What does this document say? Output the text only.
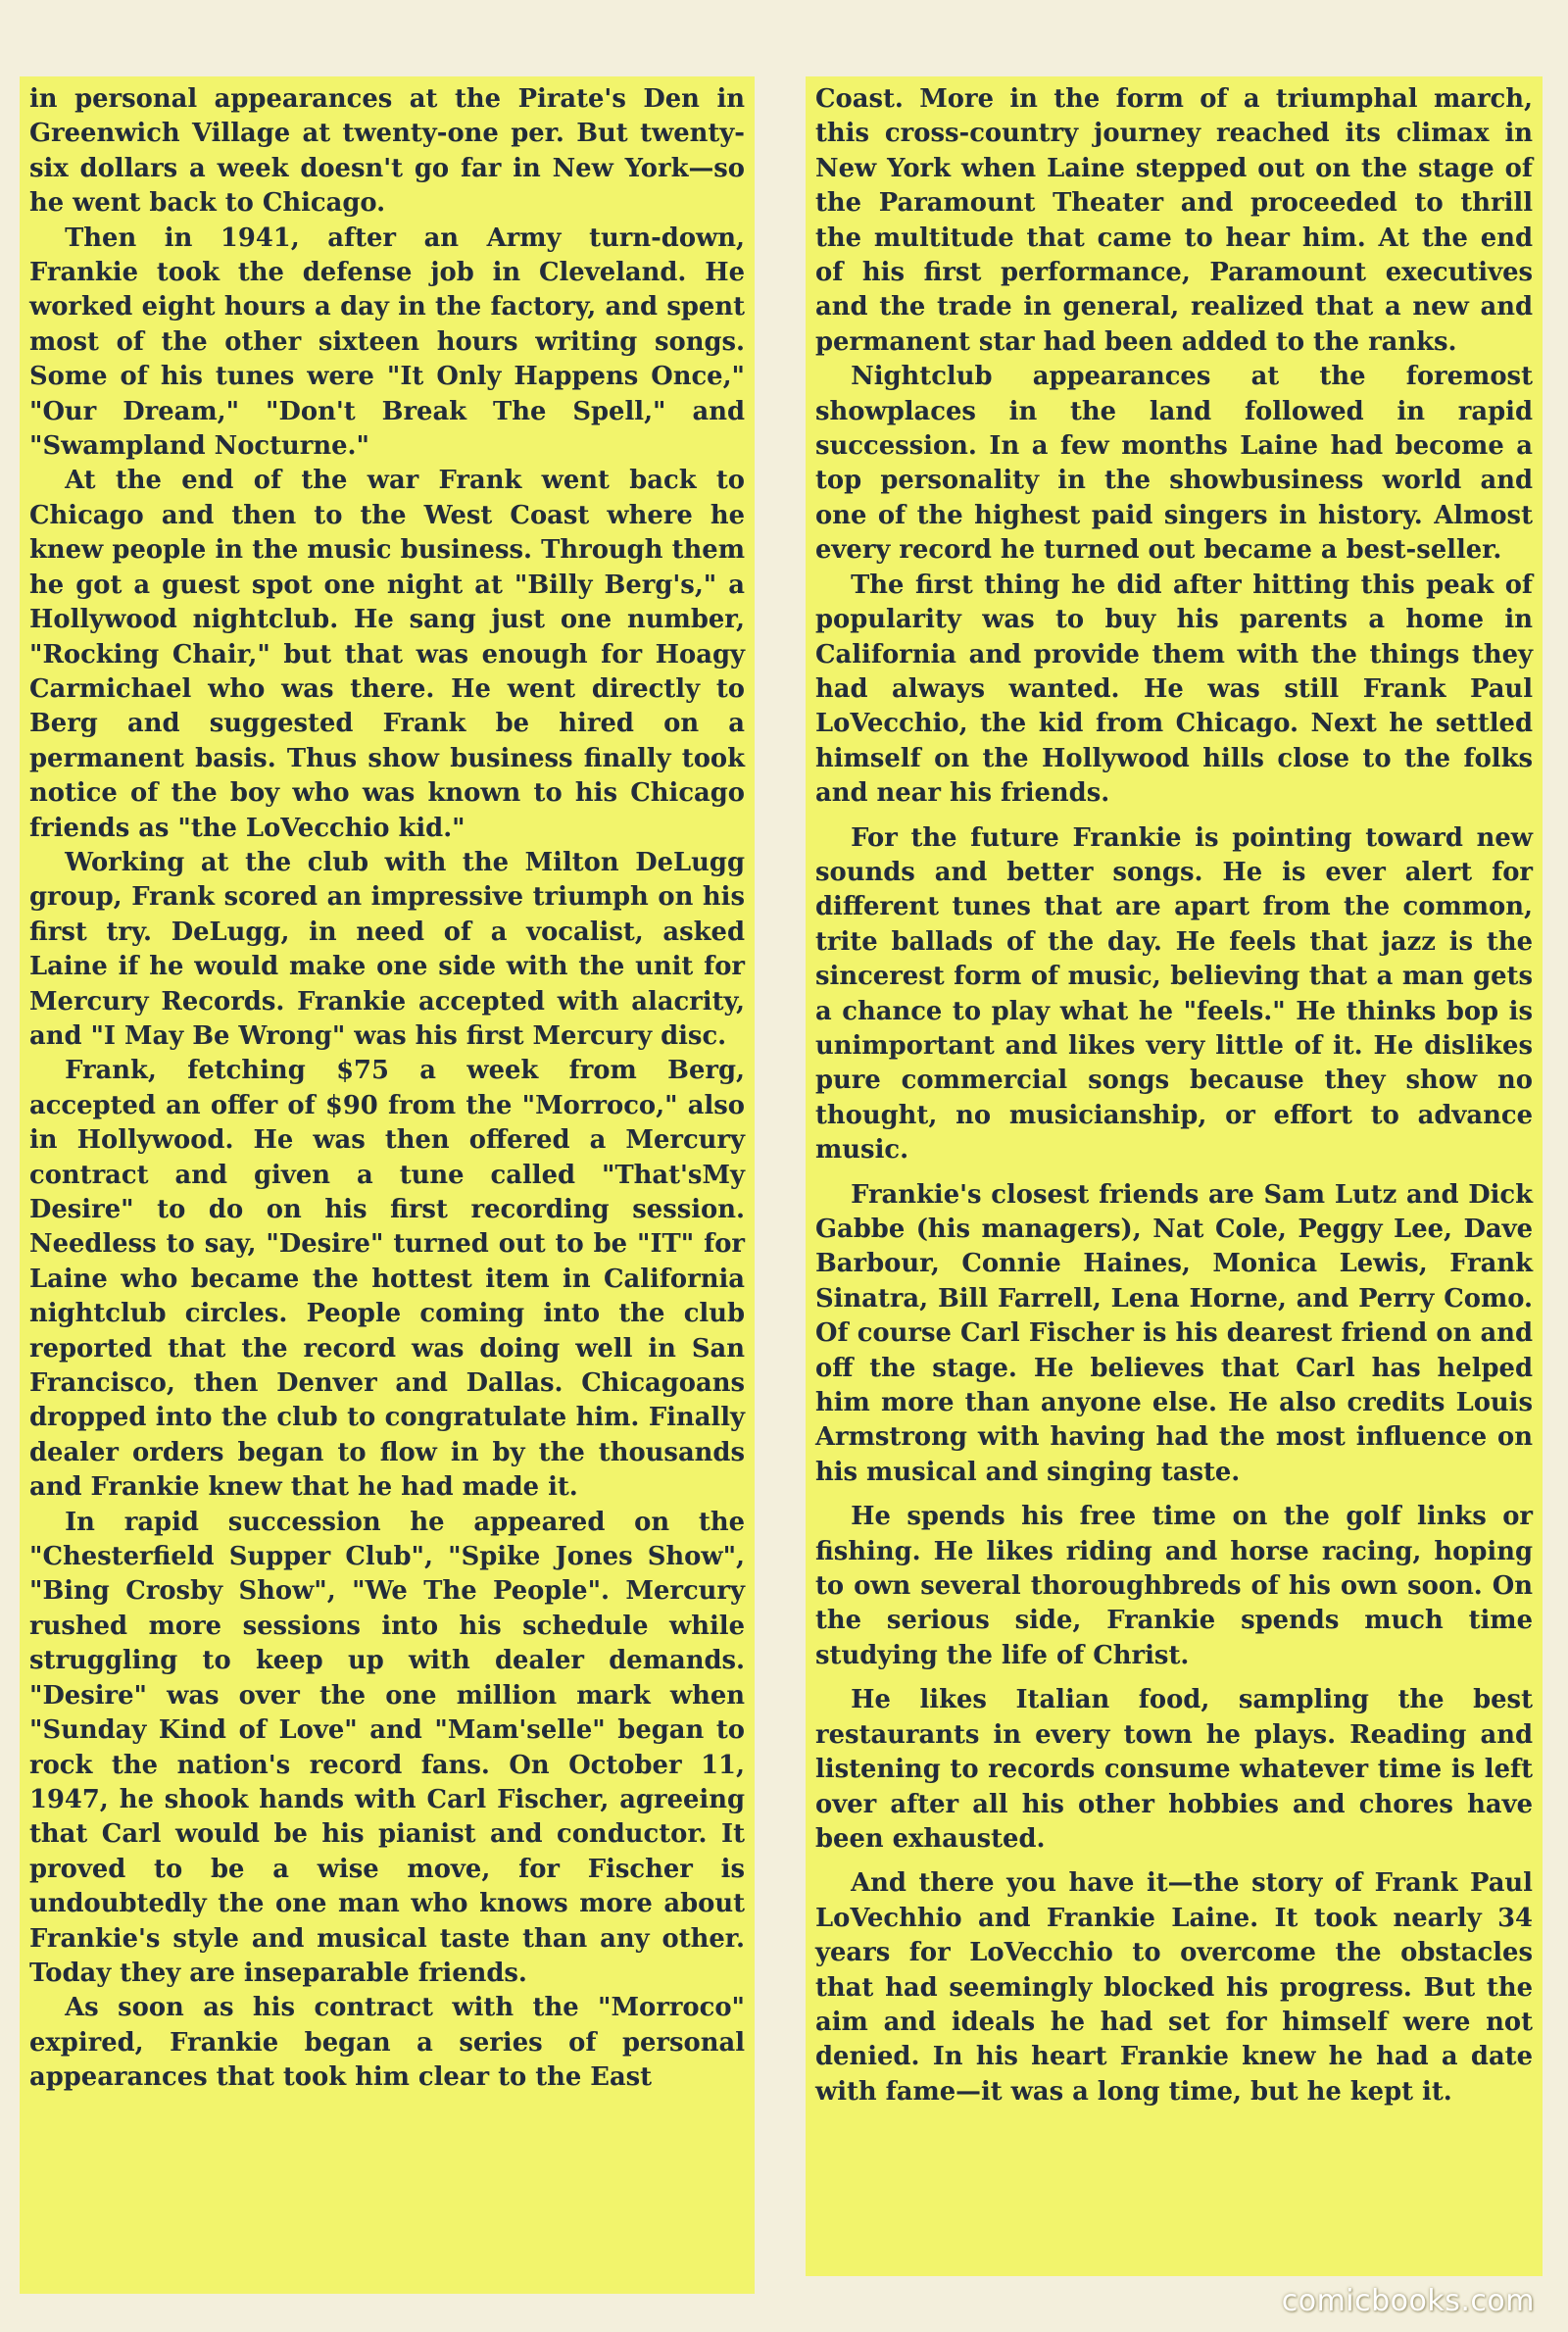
in personal appearances at the Pirate's Den in Greenwich Village at twenty-one per. But twenty-six dollars a week doesn't go far in New York—so he went back to Chicago.

Then in 1941, after an Army turn-down, Frankie took the defense job in Cleveland. He worked eight hours a day in the factory, and spent most of the other sixteen hours writing songs. Some of his tunes were "It Only Happens Once," "Our Dream," "Don't Break The Spell," and "Swampland Nocturne."

At the end of the war Frank went back to Chicago and then to the West Coast where he knew people in the music business. Through them he got a guest spot one night at "Billy Berg's," a Hollywood nightclub. He sang just one number, "Rocking Chair," but that was enough for Hoagy Carmichael who was there. He went directly to Berg and suggested Frank be hired on a permanent basis. Thus show business finally took notice of the boy who was known to his Chicago friends as "the LoVecchio kid."

Working at the club with the Milton DeLugg group, Frank scored an impressive triumph on his first try. DeLugg, in need of a vocalist, asked Laine if he would make one side with the unit for Mercury Records. Frankie accepted with alacrity, and "I May Be Wrong" was his first Mercury disc.

Frank, fetching $75 a week from Berg, accepted an offer of $90 from the "Morroco," also in Hollywood. He was then offered a Mercury contract and given a tune called "That'sMy Desire" to do on his first recording session. Needless to say, "Desire" turned out to be "IT" for Laine who became the hottest item in California nightclub circles. People coming into the club reported that the record was doing well in San Francisco, then Denver and Dallas. Chicagoans dropped into the club to congratulate him. Finally dealer orders began to flow in by the thousands and Frankie knew that he had made it.

In rapid succession he appeared on the "Chesterfield Supper Club", "Spike Jones Show", "Bing Crosby Show", "We The People". Mercury rushed more sessions into his schedule while struggling to keep up with dealer demands. "Desire" was over the one million mark when "Sunday Kind of Love" and "Mam'selle" began to rock the nation's record fans. On October 11, 1947, he shook hands with Carl Fischer, agreeing that Carl would be his pianist and conductor. It proved to be a wise move, for Fischer is undoubtedly the one man who knows more about Frankie's style and musical taste than any other. Today they are inseparable friends.

As soon as his contract with the "Morroco" expired, Frankie began a series of personal appearances that took him clear to the East

Coast. More in the form of a triumphal march, this cross-country journey reached its climax in New York when Laine stepped out on the stage of the Paramount Theater and proceeded to thrill the multitude that came to hear him. At the end of his first performance, Paramount executives and the trade in general, realized that a new and permanent star had been added to the ranks.

Nightclub appearances at the foremost showplaces in the land followed in rapid succession. In a few months Laine had become a top personality in the showbusiness world and one of the highest paid singers in history. Almost every record he turned out became a best-seller.

The first thing he did after hitting this peak of popularity was to buy his parents a home in California and provide them with the things they had always wanted. He was still Frank Paul LoVecchio, the kid from Chicago. Next he settled himself on the Hollywood hills close to the folks and near his friends.

For the future Frankie is pointing toward new sounds and better songs. He is ever alert for different tunes that are apart from the common, trite ballads of the day. He feels that jazz is the sincerest form of music, believing that a man gets a chance to play what he "feels." He thinks bop is unimportant and likes very little of it. He dislikes pure commercial songs because they show no thought, no musicianship, or effort to advance music.

Frankie's closest friends are Sam Lutz and Dick Gabbe (his managers), Nat Cole, Peggy Lee, Dave Barbour, Connie Haines, Monica Lewis, Frank Sinatra, Bill Farrell, Lena Horne, and Perry Como. Of course Carl Fischer is his dearest friend on and off the stage. He believes that Carl has helped him more than anyone else. He also credits Louis Armstrong with having had the most influence on his musical and singing taste.

He spends his free time on the golf links or fishing. He likes riding and horse racing, hoping to own several thoroughbreds of his own soon. On the serious side, Frankie spends much time studying the life of Christ.

He likes Italian food, sampling the best restaurants in every town he plays. Reading and listening to records consume whatever time is left over after all his other hobbies and chores have been exhausted.

And there you have it—the story of Frank Paul LoVechhio and Frankie Laine. It took nearly 34 years for LoVecchio to overcome the obstacles that had seemingly blocked his progress. But the aim and ideals he had set for himself were not denied. In his heart Frankie knew he had a date with fame—it was a long time, but he kept it.

comicbooks.com
